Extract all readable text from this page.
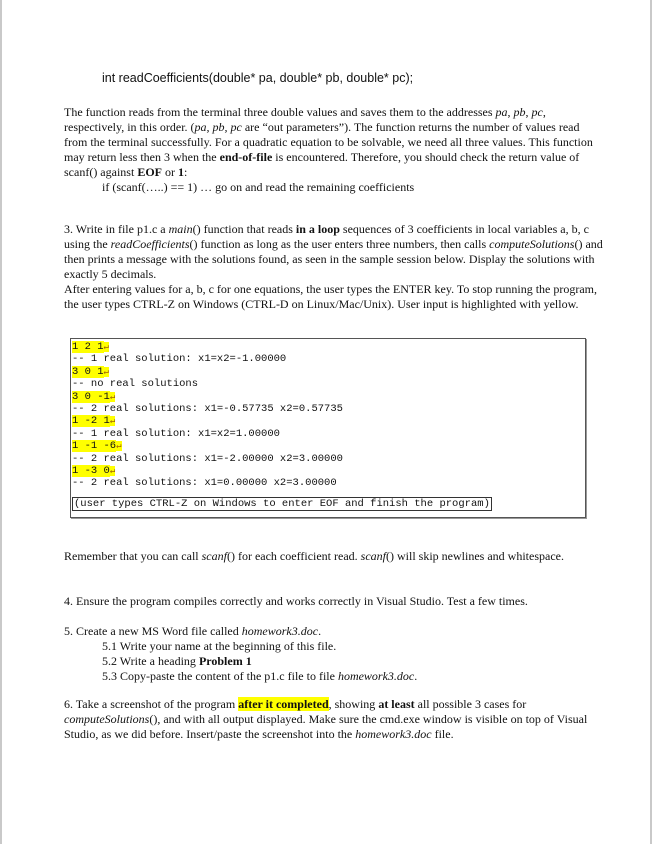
int readCoefficients(double* pa, double* pb, double* pc);
The function reads from the terminal three double values and saves them to the addresses pa, pb, pc, respectively, in this order. (pa, pb, pc are “out parameters”). The function returns the number of values read from the terminal successfully. For a quadratic equation to be solvable, we need all three values. This function may return less then 3 when the end-of-file is encountered. Therefore, you should check the return value of scanf() against EOF or 1:
if (scanf(…..) == 1) … go on and read the remaining coefficients
3. Write in file p1.c a main() function that reads in a loop sequences of 3 coefficients in local variables a, b, c using the readCoefficients() function as long as the user enters three numbers, then calls computeSolutions() and then prints a message with the solutions found, as seen in the sample session below. Display the solutions with exactly 5 decimals.
After entering values for a, b, c for one equations, the user types the ENTER key. To stop running the program, the user types CTRL-Z on Windows (CTRL-D on Linux/Mac/Unix). User input is highlighted with yellow.
1 2 1↵
-- 1 real solution: x1=x2=-1.00000
3 0 1↵
-- no real solutions
3 0 -1↵
-- 2 real solutions: x1=-0.57735 x2=0.57735
1 -2 1↵
-- 1 real solution: x1=x2=1.00000
1 -1 -6↵
-- 2 real solutions: x1=-2.00000 x2=3.00000
1 -3 0↵
-- 2 real solutions: x1=0.00000 x2=3.00000
(user types CTRL-Z on Windows to enter EOF and finish the program)
Remember that you can call scanf() for each coefficient read. scanf() will skip newlines and whitespace.
4. Ensure the program compiles correctly and works correctly in Visual Studio. Test a few times.
5. Create a new MS Word file called homework3.doc.
5.1 Write your name at the beginning of this file.
5.2 Write a heading Problem 1
5.3 Copy-paste the content of the p1.c file to file homework3.doc.
6. Take a screenshot of the program after it completed, showing at least all possible 3 cases for computeSolutions(), and with all output displayed. Make sure the cmd.exe window is visible on top of Visual Studio, as we did before. Insert/paste the screenshot into the homework3.doc file.
